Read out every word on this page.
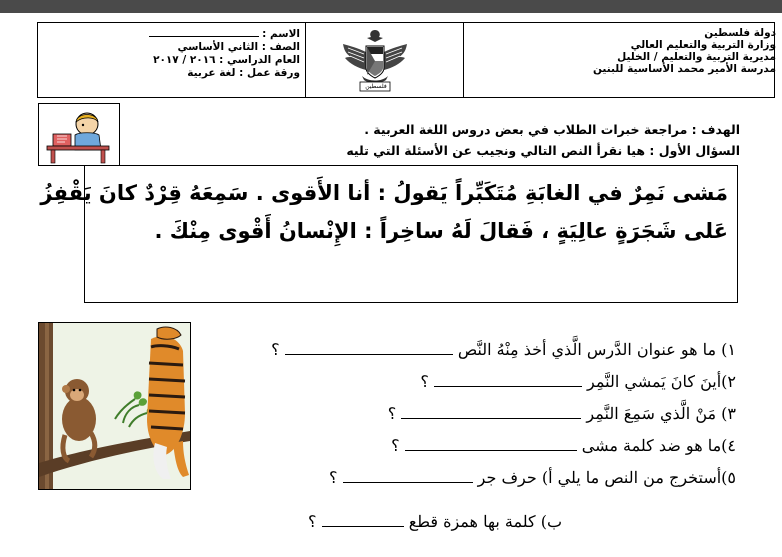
دولة فلسطين
وزارة التربية والتعليم العالي
مديرية التربية والتعليم / الخليل
مدرسة الأمير محمد الأساسية للبنين
فلسطين
الاسم :
الصف : الثاني الأساسي
العام الدراسي : ٢٠١٦ / ٢٠١٧
ورقة عمل : لغة عربية
الهدف : مراجعة خبرات الطلاب في بعض دروس اللغة العربية .
السؤال الأول : هيا نقرأ النص التالي ونجيب عن الأسئلة التي تليه
مَشى نَمِرٌ في الغابَةِ مُتَكَبِّراً يَقولُ : أنا الأَقوى . سَمِعَهُ قِرْدٌ كانَ يَقْفِزُ
عَلى شَجَرَةٍ عالِيَةٍ ، فَقالَ لَهُ ساخِراً : الإِنْسانُ أَقْوى مِنْكَ .
١) ما هو عنوان الدَّرس الَّذي أخذ مِنْهُ النَّص  ؟
٢)أينَ كانَ يَمشي النَّمِر  ؟
٣) مَنْ الَّذي سَمِعَ النَّمِر  ؟
٤)ما هو ضد كلمة مشى  ؟
٥)أستخرج من النص ما يلي أ) حرف جر  ؟
ب) كلمة بها همزة قطع  ؟
